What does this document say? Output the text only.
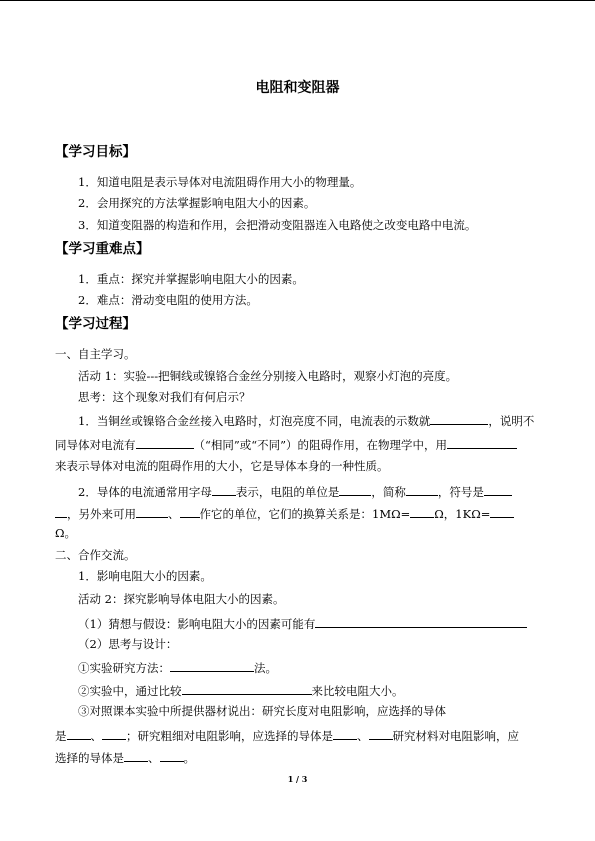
电阻和变阻器
【学习目标】
1．知道电阻是表示导体对电流阻碍作用大小的物理量。
2．会用探究的方法掌握影响电阻大小的因素。
3．知道变阻器的构造和作用，会把滑动变阻器连入电路使之改变电路中电流。
【学习重难点】
1．重点：探究并掌握影响电阻大小的因素。
2．难点：滑动变电阻的使用方法。
【学习过程】
一、自主学习。
活动 1：实验---把铜线或镍铬合金丝分别接入电路时，观察小灯泡的亮度。
思考：这个现象对我们有何启示？
1．当铜丝或镍铬合金丝接入电路时，灯泡亮度不同，电流表的示数就	，说明不
同导体对电流有	（“相同”或“不同”）的阻碍作用，在物理学中，用
来表示导体对电流的阻碍作用的大小，它是导体本身的一种性质。
2．导体的电流通常用字母 表示，电阻的单位是	，简称	，符号是
，另外来可用	、 作它的单位，它们的换算关系是：1MΩ= Ω，1KΩ=
Ω。
二、合作交流。
1．影响电阻大小的因素。
活动 2：探究影响导体电阻大小的因素。
（1）猜想与假设：影响电阻大小的因素可能有
（2）思考与设计：
①实验研究方法：	法。
②实验中，通过比较	来比较电阻大小。
③对照课本实验中所提供器材说出：研究长度对电阻影响，应选择的导体
是 、 ；研究粗细对电阻影响，应选择的导体是 、 研究材料对电阻影响，应
选择的导体是 、 。
1 / 3
